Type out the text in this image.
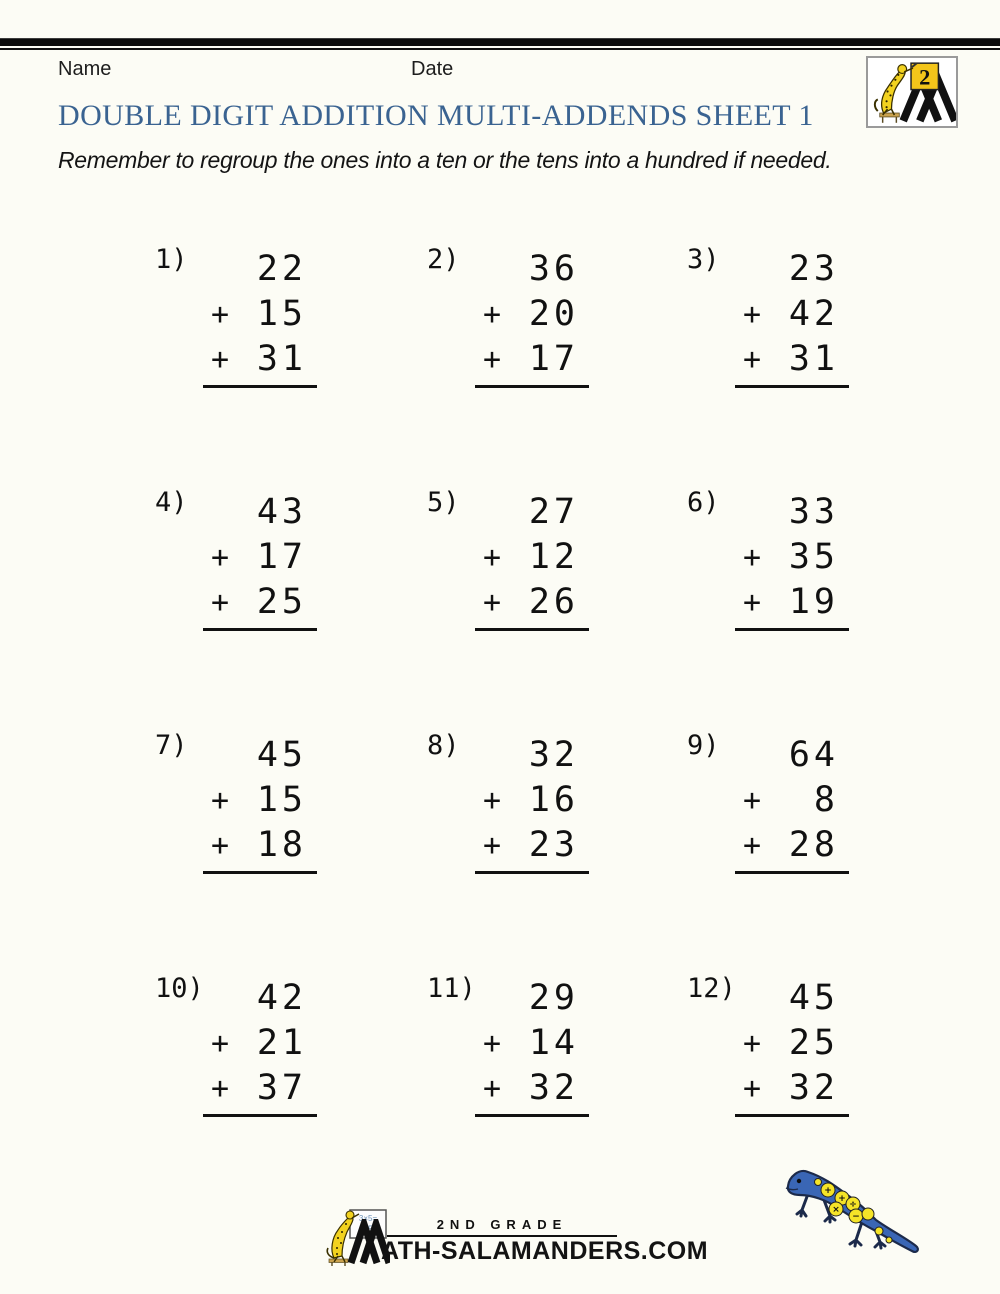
Name	Date	2
DOUBLE DIGIT ADDITION MULTI-ADDENDS SHEET 1
Remember to regroup the ones into a ten or the tens into a hundred if needed.
1)	22
+ 15
+ 31
2)	36
+ 20
+ 17
3)	23
+ 42
+ 31
4)	43
+ 17
+ 25
5)	27
+ 12
+ 26
6)	33
+ 35
+ 19
7)	45
+ 15
+ 18
8)	32
+ 16
+ 23
9)	64
+ 8
+ 28
10)	42
+ 21
+ 37
11)	29
+ 14
+ 32
12)	45
+ 25
+ 32
3×5=
15	2ND GRADE
ATH-SALAMANDERS.COM
+
× ÷
−
+
